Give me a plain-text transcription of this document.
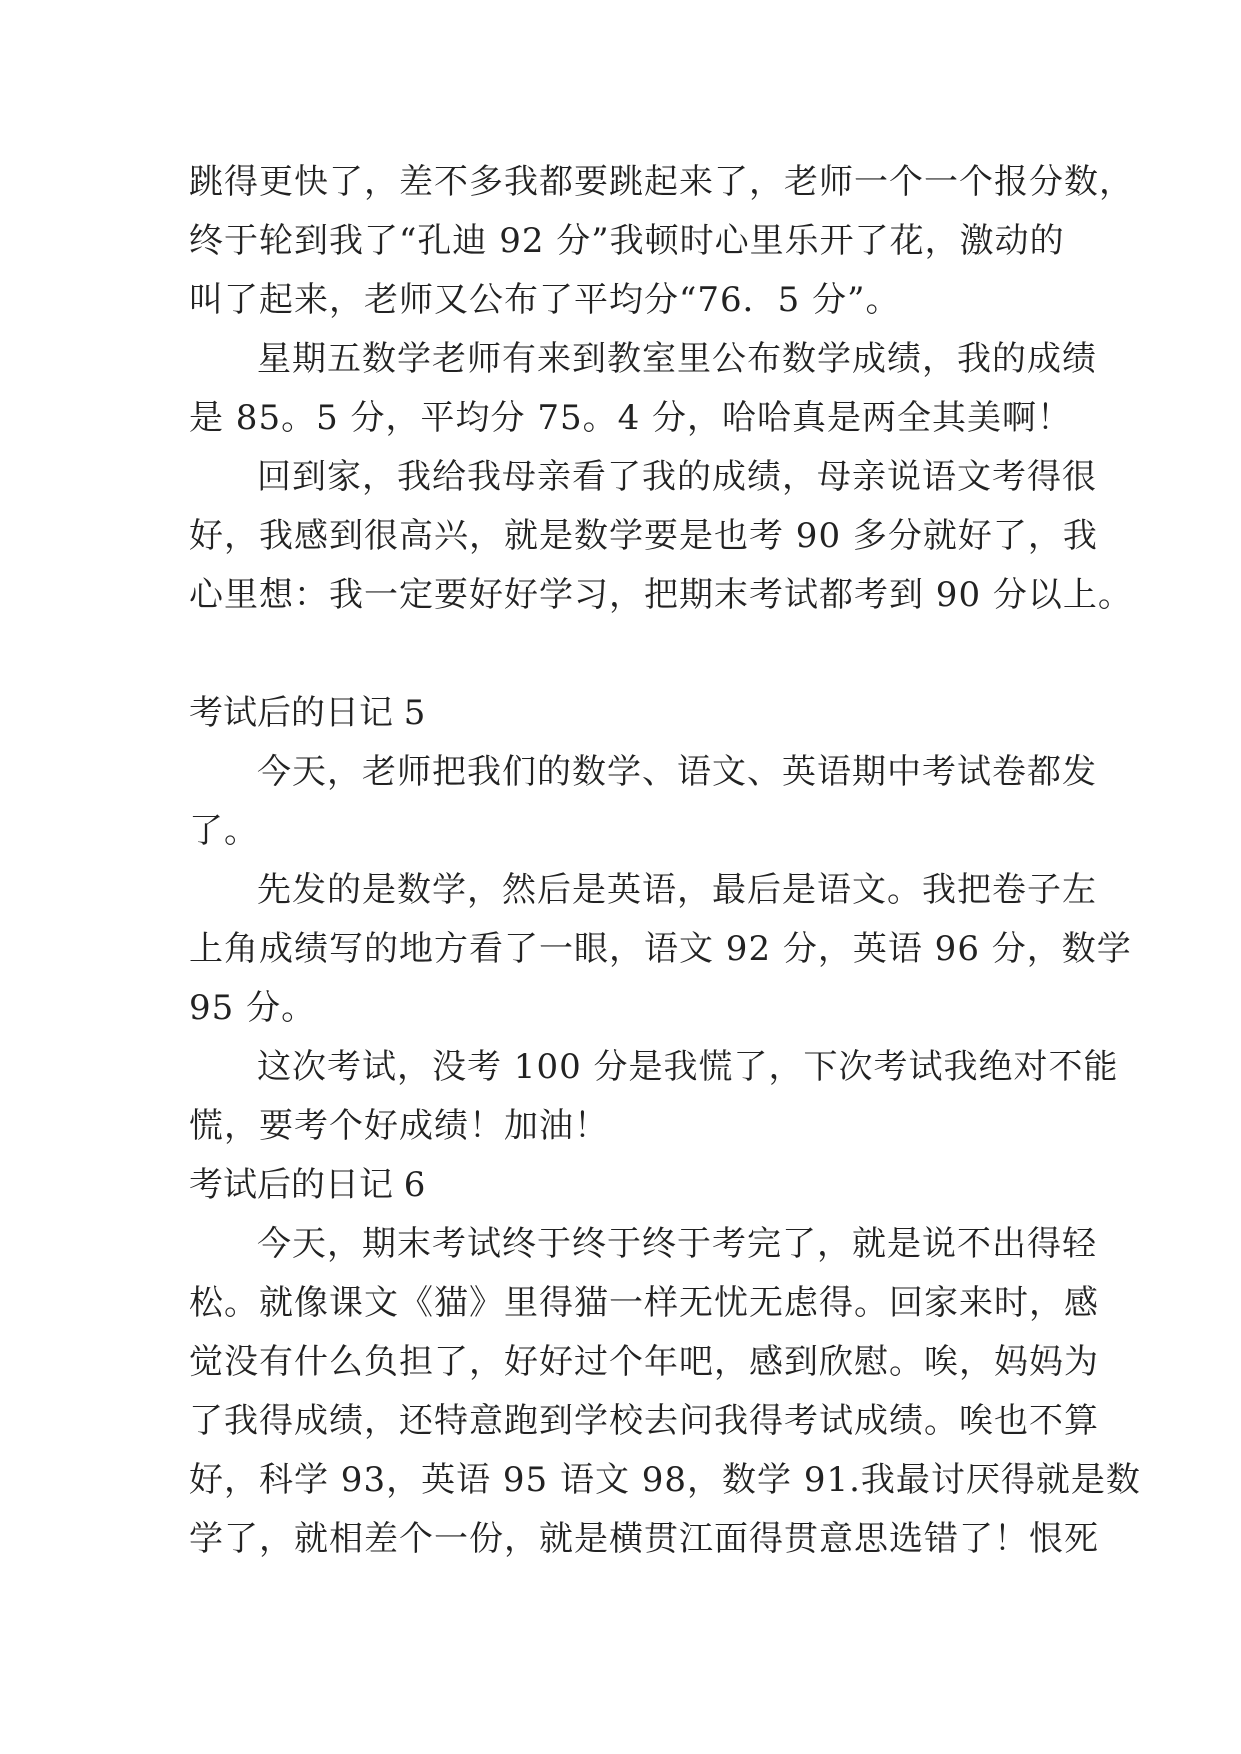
跳得更快了，差不多我都要跳起来了，老师一个一个报分数，
终于轮到我了“孔迪 92 分”我顿时心里乐开了花，激动的
叫了起来，老师又公布了平均分“76．5 分”。
星期五数学老师有来到教室里公布数学成绩，我的成绩
是 85。5 分，平均分 75。4 分，哈哈真是两全其美啊！
回到家，我给我母亲看了我的成绩，母亲说语文考得很
好，我感到很高兴，就是数学要是也考 90 多分就好了，我
心里想：我一定要好好学习，把期末考试都考到 90 分以上。
考试后的日记 5
今天，老师把我们的数学、语文、英语期中考试卷都发
了。
先发的是数学，然后是英语，最后是语文。我把卷子左
上角成绩写的地方看了一眼，语文 92 分，英语 96 分，数学
95 分。
这次考试，没考 100 分是我慌了，下次考试我绝对不能
慌，要考个好成绩！加油！
考试后的日记 6
今天，期末考试终于终于终于考完了，就是说不出得轻
松。就像课文《猫》里得猫一样无忧无虑得。回家来时，感
觉没有什么负担了，好好过个年吧，感到欣慰。唉，妈妈为
了我得成绩，还特意跑到学校去问我得考试成绩。唉也不算
好，科学 93，英语 95 语文 98，数学 91.我最讨厌得就是数
学了，就相差个一份，就是横贯江面得贯意思选错了！恨死
